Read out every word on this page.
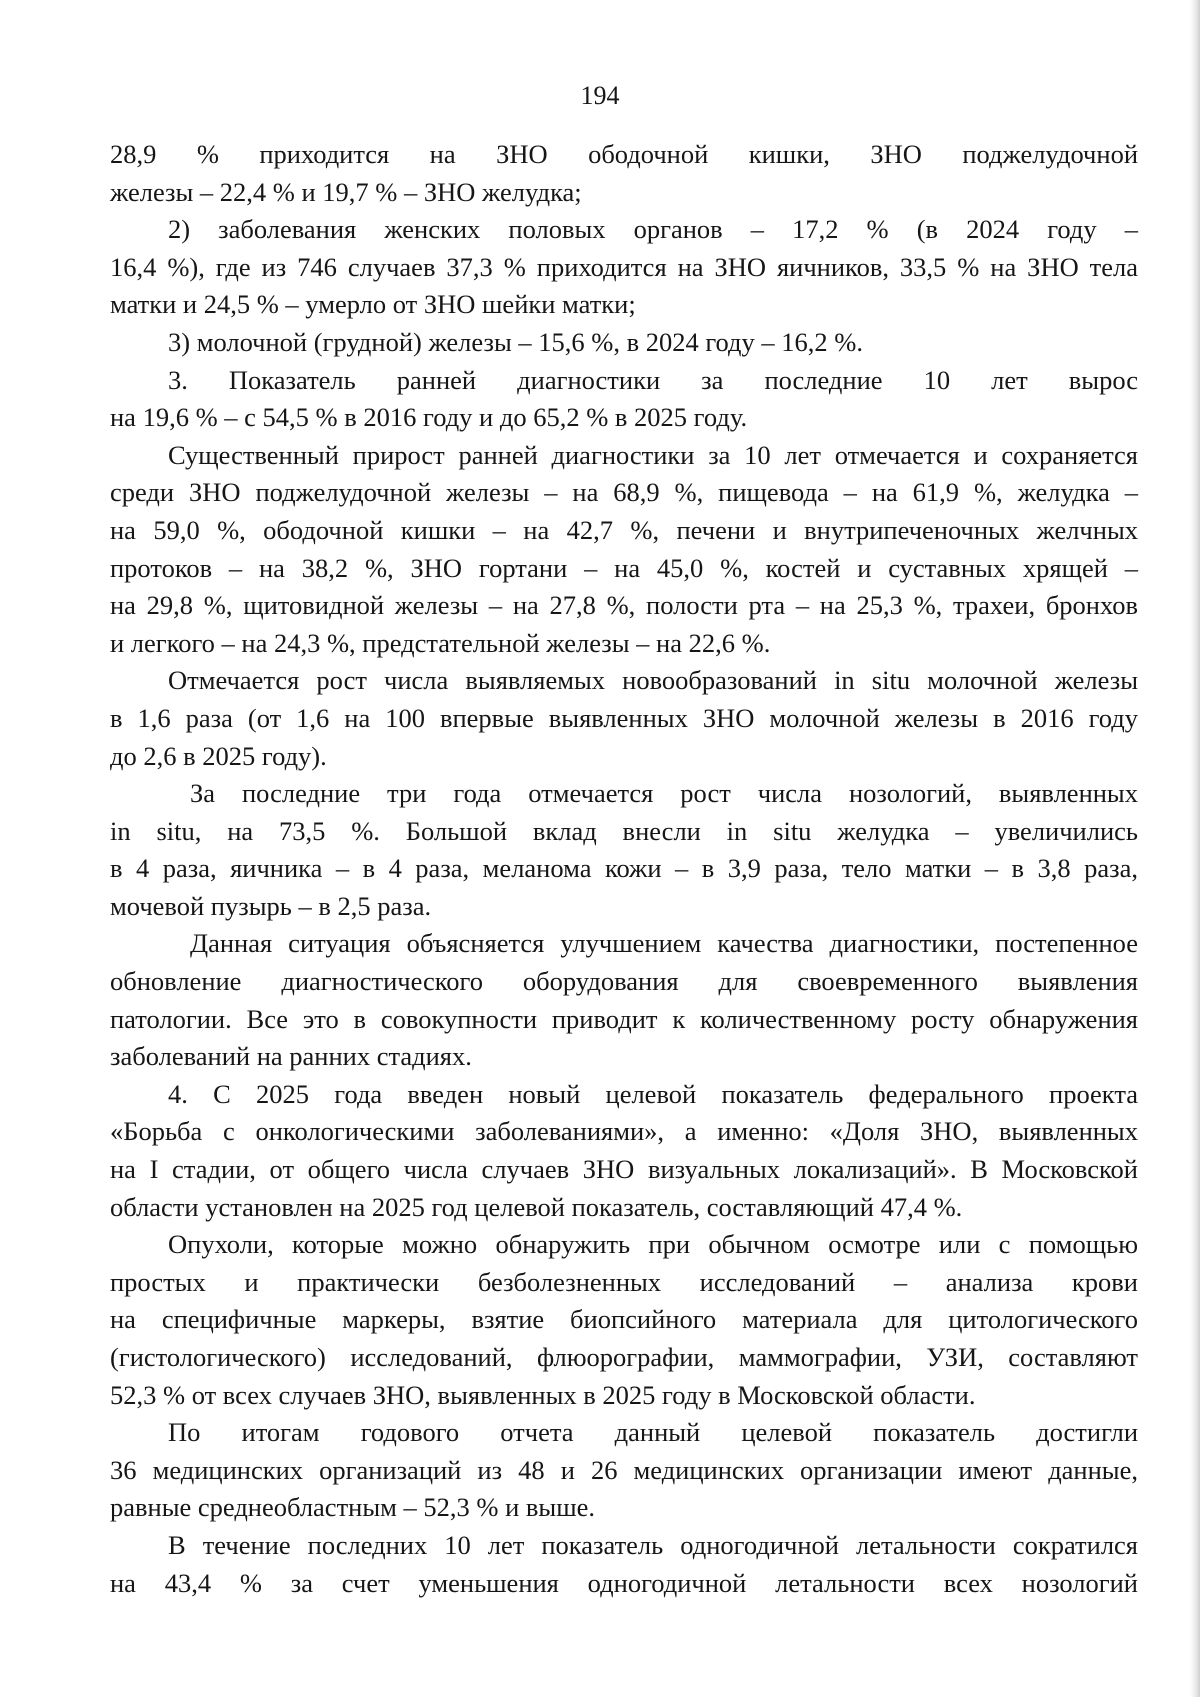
194

28,9 % приходится на ЗНО ободочной кишки, ЗНО поджелудочной

железы – 22,4 % и 19,7 % – ЗНО желудка;

2) заболевания женских половых органов – 17,2 % (в 2024 году –

16,4 %), где из 746 случаев 37,3 % приходится на ЗНО яичников, 33,5 % на ЗНО тела

матки и 24,5 % – умерло от ЗНО шейки матки;

3) молочной (грудной) железы – 15,6 %, в 2024 году – 16,2 %.

3. Показатель ранней диагностики за последние 10 лет вырос

на 19,6 % – с 54,5 % в 2016 году и до 65,2 % в 2025 году.

Существенный прирост ранней диагностики за 10 лет отмечается и сохраняется

среди ЗНО поджелудочной железы – на 68,9 %, пищевода – на 61,9 %, желудка –

на 59,0 %, ободочной кишки – на 42,7 %, печени и внутрипеченочных желчных

протоков – на 38,2 %, ЗНО гортани – на 45,0 %, костей и суставных хрящей –

на 29,8 %, щитовидной железы – на 27,8 %, полости рта – на 25,3 %, трахеи, бронхов

и легкого – на 24,3 %, предстательной железы – на 22,6 %.

Отмечается рост числа выявляемых новообразований in situ молочной железы

в 1,6 раза (от 1,6 на 100 впервые выявленных ЗНО молочной железы в 2016 году

до 2,6 в 2025 году).

За последние три года отмечается рост числа нозологий, выявленных

in situ, на 73,5 %. Большой вклад внесли in situ желудка – увеличились

в 4 раза, яичника – в 4 раза, меланома кожи – в 3,9 раза, тело матки – в 3,8 раза,

мочевой пузырь – в 2,5 раза.

Данная ситуация объясняется улучшением качества диагностики, постепенное

обновление диагностического оборудования для своевременного выявления

патологии. Все это в совокупности приводит к количественному росту обнаружения

заболеваний на ранних стадиях.

4. С 2025 года введен новый целевой показатель федерального проекта

«Борьба с онкологическими заболеваниями», а именно: «Доля ЗНО, выявленных

на I стадии, от общего числа случаев ЗНО визуальных локализаций». В Московской

области установлен на 2025 год целевой показатель, составляющий 47,4 %.

Опухоли, которые можно обнаружить при обычном осмотре или с помощью

простых и практически безболезненных исследований – анализа крови

на специфичные маркеры, взятие биопсийного материала для цитологического

(гистологического) исследований, флюорографии, маммографии, УЗИ, составляют

52,3 % от всех случаев ЗНО, выявленных в 2025 году в Московской области.

По итогам годового отчета данный целевой показатель достигли

36 медицинских организаций из 48 и 26 медицинских организации имеют данные,

равные среднеобластным – 52,3 % и выше.

В течение последних 10 лет показатель одногодичной летальности сократился

на 43,4 % за счет уменьшения одногодичной летальности всех нозологий
